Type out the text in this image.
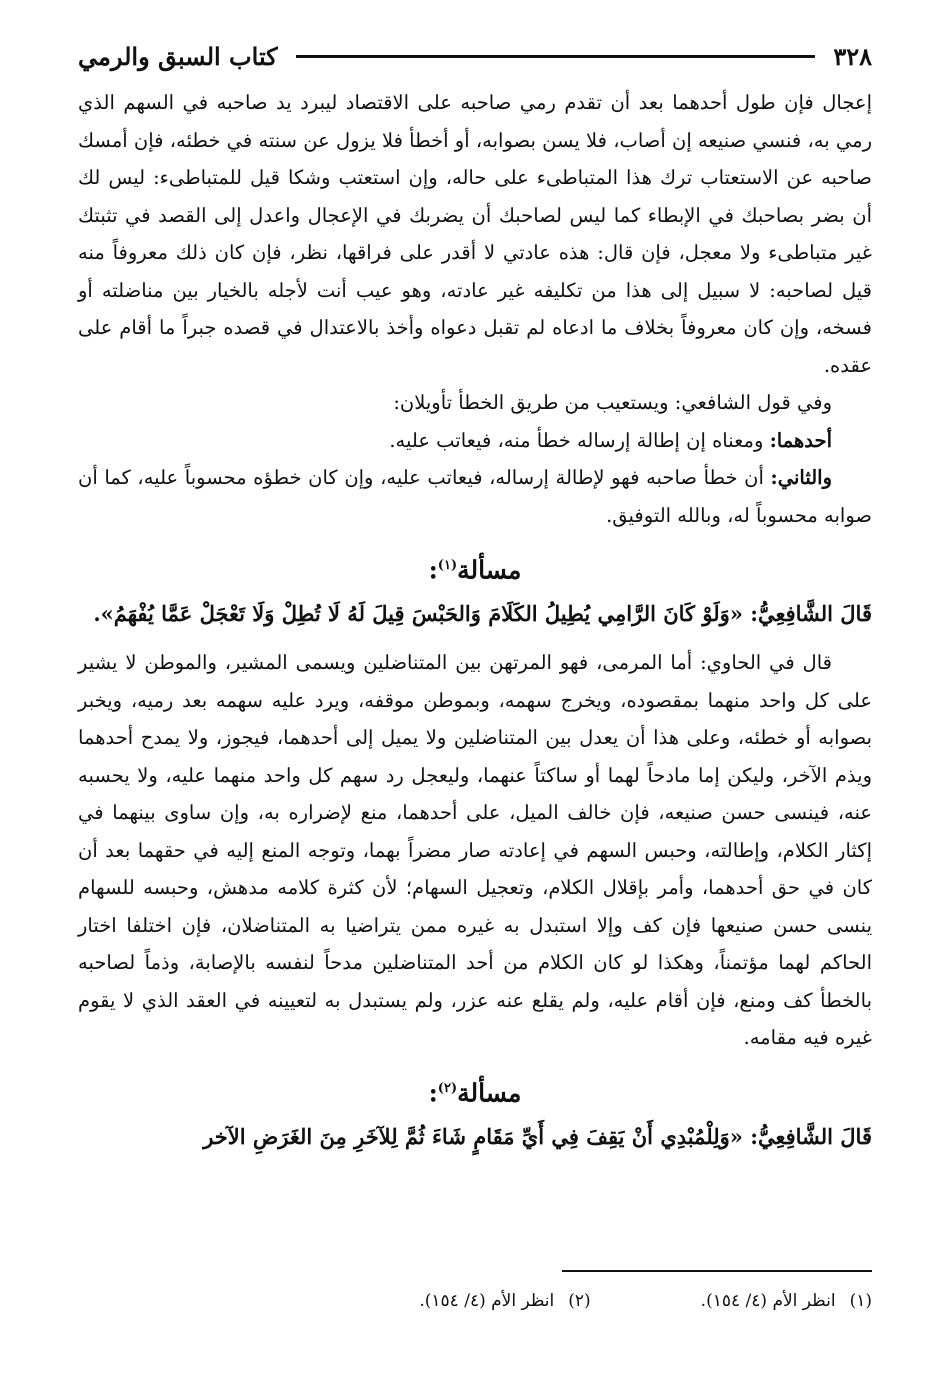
٣٢٨
كتاب السبق والرمي

إعجال فإن طول أحدهما بعد أن تقدم رمي صاحبه على الاقتصاد ليبرد يد صاحبه في السهم الذي رمي به، فنسي صنيعه إن أصاب، فلا يسن بصوابه، أو أخطأ فلا يزول عن سنته في خطئه، فإن أمسك صاحبه عن الاستعتاب ترك هذا المتباطىء على حاله، وإن استعتب وشكا قيل للمتباطىء: ليس لك أن بضر بصاحبك في الإبطاء كما ليس لصاحبك أن يضربك في الإعجال واعدل إلى القصد في تثبتك غير متباطىء ولا معجل، فإن قال: هذه عادتي لا أقدر على فراقها، نظر، فإن كان ذلك معروفاً منه قيل لصاحبه: لا سبيل إلى هذا من تكليفه غير عادته، وهو عيب أنت لأجله بالخيار بين مناضلته أو فسخه، وإن كان معروفاً بخلاف ما ادعاه لم تقبل دعواه وأخذ بالاعتدال في قصده جبراً ما أقام على عقده.

وفي قول الشافعي: ويستعيب من طريق الخطأ تأويلان:

أحدهما: ومعناه إن إطالة إرساله خطأ منه، فيعاتب عليه.

والثاني: أن خطأ صاحبه فهو لإطالة إرساله، فيعاتب عليه، وإن كان خطؤه محسوباً عليه، كما أن صوابه محسوباً له، وبالله التوفيق.

مسألة$^{(١)}$:

قَالَ الشَّافِعِيُّ: «وَلَوْ كَانَ الرَّامِي يُطِيلُ الكَلَامَ وَالحَبْسَ قِيلَ لَهُ لَا تُطِلْ وَلَا تَعْجَلْ عَمَّا يُفْهَمُ».

قال في الحاوي: أما المرمى، فهو المرتهن بين المتناضلين ويسمى المشير، والموطن لا يشير على كل واحد منهما بمقصوده، ويخرج سهمه، وبموطن موقفه، ويرد عليه سهمه بعد رميه، ويخبر بصوابه أو خطئه، وعلى هذا أن يعدل بين المتناضلين ولا يميل إلى أحدهما، فيجوز، ولا يمدح أحدهما ويذم الآخر، وليكن إما مادحاً لهما أو ساكتاً عنهما، وليعجل رد سهم كل واحد منهما عليه، ولا يحسبه عنه، فينسى حسن صنيعه، فإن خالف الميل، على أحدهما، منع لإضراره به، وإن ساوى بينهما في إكثار الكلام، وإطالته، وحبس السهم في إعادته صار مضراً بهما، وتوجه المنع إليه في حقهما بعد أن كان في حق أحدهما، وأمر بإقلال الكلام، وتعجيل السهام؛ لأن كثرة كلامه مدهش، وحبسه للسهام ينسى حسن صنيعها فإن كف وإلا استبدل به غيره ممن يتراضيا به المتناضلان، فإن اختلفا اختار الحاكم لهما مؤتمناً، وهكذا لو كان الكلام من أحد المتناضلين مدحاً لنفسه بالإصابة، وذماً لصاحبه بالخطأ كف ومنع، فإن أقام عليه، ولم يقلع عنه عزر، ولم يستبدل به لتعيينه في العقد الذي لا يقوم غيره فيه مقامه.

مسألة$^{(٢)}$:

قَالَ الشَّافِعِيُّ: «وَلِلْمُبْدِي أَنْ يَقِفَ فِي أَيِّ مَقَامٍ شَاءَ ثُمَّ لِلآخَرِ مِنَ الغَرَضِ الآخر

(١)
انظر الأم (٤/ ١٥٤).
(٢)
انظر الأم (٤/ ١٥٤).
